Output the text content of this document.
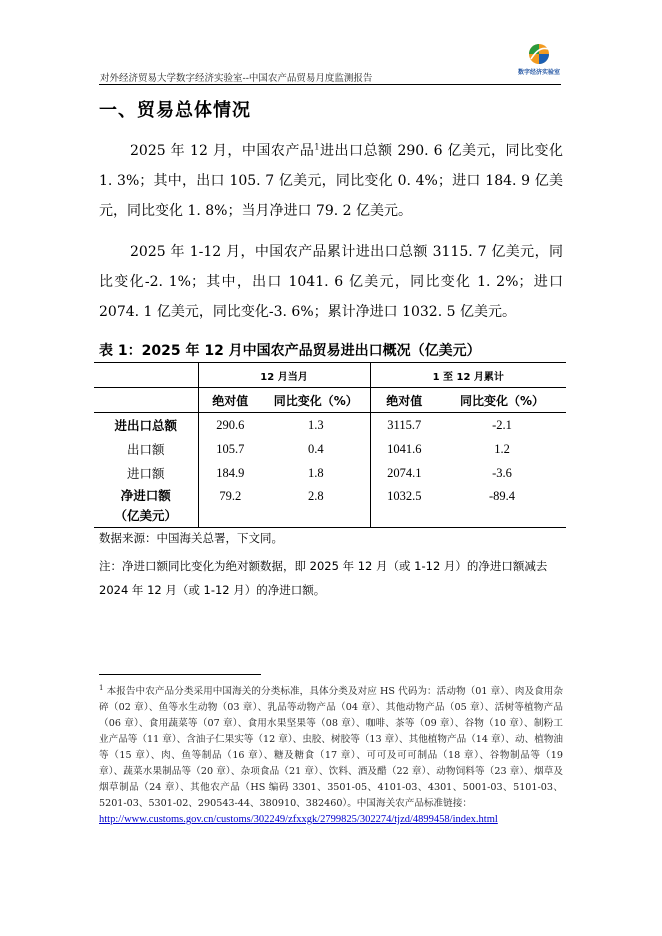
对外经济贸易大学数字经济实验室--中国农产品贸易月度监测报告
数字经济实验室
一、贸易总体情况
2025 年 12 月，中国农产品$^1$进出口总额 290. 6 亿美元，同比变化 1. 3%；其中，出口 105. 7 亿美元，同比变化 0. 4%；进口 184. 9 亿美元，同比变化 1. 8%；当月净进口 79. 2 亿美元。
2025 年 1-12 月，中国农产品累计进出口总额 3115. 7 亿美元，同比变化-2. 1%；其中，出口 1041. 6 亿美元，同比变化 1. 2%；进口 2074. 1 亿美元，同比变化-3. 6%；累计净进口 1032. 5 亿美元。
表 1：2025 年 12 月中国农产品贸易进出口概况（亿美元）
	12 月当月		1 至 12 月累计	
	绝对值	同比变化（%）	绝对值	同比变化（%）
进出口总额	290.6	1.3	3115.7	-2.1
出口额	105.7	0.4	1041.6	1.2
进口额	184.9	1.8	2074.1	-3.6

净进口额
（亿美元）	79.2	2.8	1032.5	-89.4
数据来源：中国海关总署，下文同。
注：净进口额同比变化为绝对额数据，即 2025 年 12 月（或 1-12 月）的净进口额减去 2024 年 12 月（或 1-12 月）的净进口额。
$^1$ 本报告中农产品分类采用中国海关的分类标准，具体分类及对应 HS 代码为：活动物（01 章）、肉及食用杂碎（02 章）、鱼等水生动物（03 章）、乳品等动物产品（04 章）、其他动物产品（05 章）、活树等植物产品（06 章）、食用蔬菜等（07 章）、食用水果坚果等（08 章）、咖啡、茶等（09 章）、谷物（10 章）、制粉工业产品等（11 章）、含油子仁果实等（12 章）、虫胶、树胶等（13 章）、其他植物产品（14 章）、动、植物油等（15 章）、肉、鱼等制品（16 章）、糖及糖食（17 章）、可可及可可制品（18 章）、谷物制品等（19 章）、蔬菜水果制品等（20 章）、杂项食品（21 章）、饮料、酒及醋（22 章）、动物饲料等（23 章）、烟草及烟草制品（24 章）、其他农产品（HS 编码 3301、3501-05、4101-03、4301、5001-03、5101-03、5201-03、5301-02、290543-44、380910、382460）。中国海关农产品标准链接：
http://www.customs.gov.cn/customs/302249/zfxxgk/2799825/302274/tjzd/4899458/index.html
